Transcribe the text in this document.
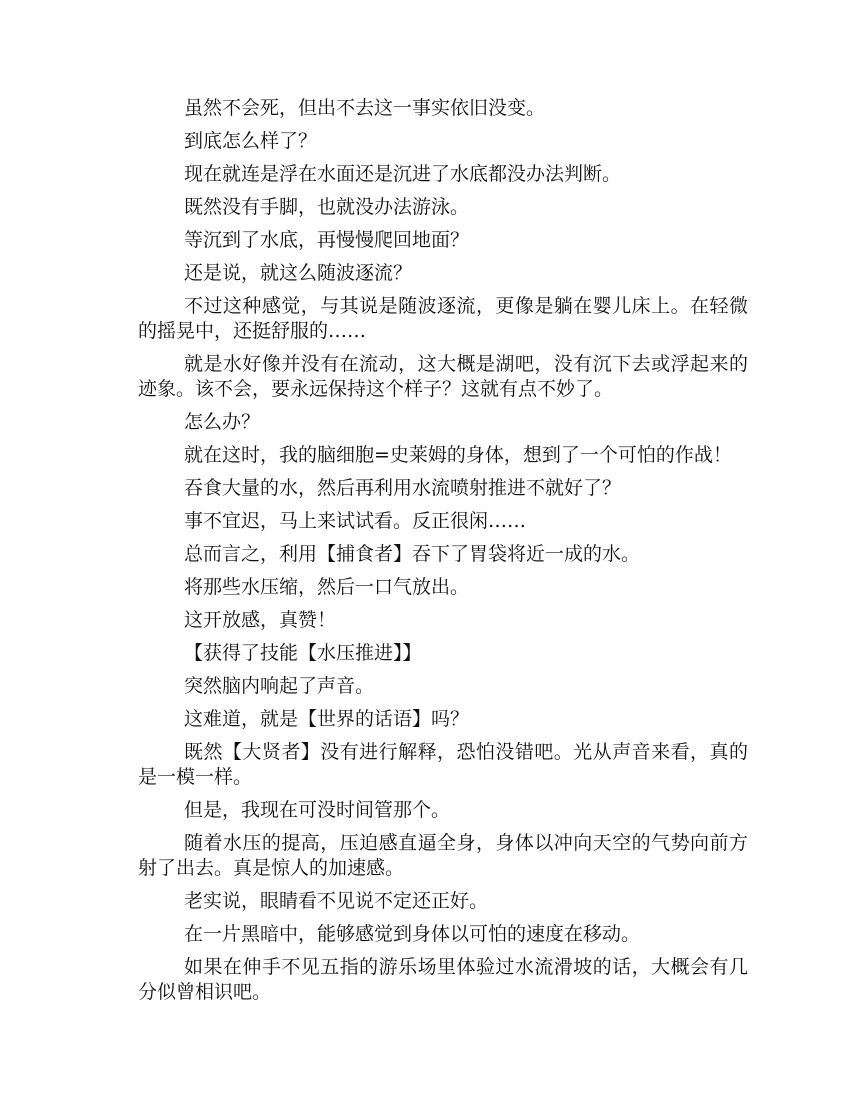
虽然不会死，但出不去这一事实依旧没变。

到底怎么样了？

现在就连是浮在水面还是沉进了水底都没办法判断。

既然没有手脚，也就没办法游泳。

等沉到了水底，再慢慢爬回地面？

还是说，就这么随波逐流？

不过这种感觉，与其说是随波逐流，更像是躺在婴儿床上。在轻微的摇晃中，还挺舒服的……

就是水好像并没有在流动，这大概是湖吧，没有沉下去或浮起来的迹象。该不会，要永远保持这个样子？这就有点不妙了。

怎么办？

就在这时，我的脑细胞=史莱姆的身体，想到了一个可怕的作战！

吞食大量的水，然后再利用水流喷射推进不就好了？

事不宜迟，马上来试试看。反正很闲……

总而言之，利用【捕食者】吞下了胃袋将近一成的水。

将那些水压缩，然后一口气放出。

这开放感，真赞！

【获得了技能【水压推进】】

突然脑内响起了声音。

这难道，就是【世界的话语】吗？

既然【大贤者】没有进行解释，恐怕没错吧。光从声音来看，真的是一模一样。

但是，我现在可没时间管那个。

随着水压的提高，压迫感直逼全身，身体以冲向天空的气势向前方射了出去。真是惊人的加速感。

老实说，眼睛看不见说不定还正好。

在一片黑暗中，能够感觉到身体以可怕的速度在移动。

如果在伸手不见五指的游乐场里体验过水流滑坡的话，大概会有几分似曾相识吧。
